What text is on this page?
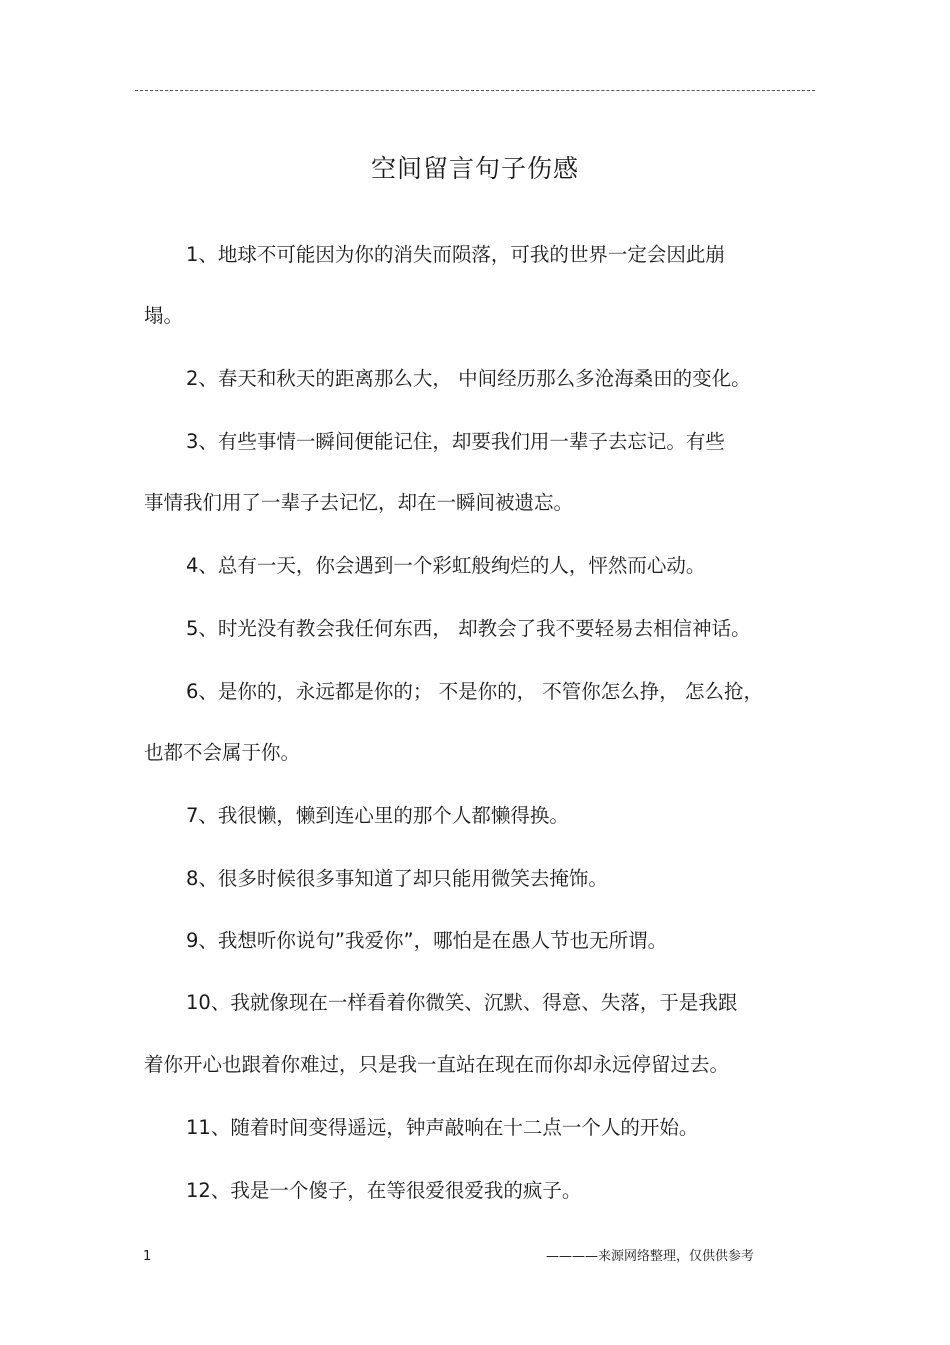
空间留言句子伤感
1、地球不可能因为你的消失而陨落，可我的世界一定会因此崩
塌。
2、春天和秋天的距离那么大， 中间经历那么多沧海桑田的变化。
3、有些事情一瞬间便能记住，却要我们用一辈子去忘记。有些
事情我们用了一辈子去记忆，却在一瞬间被遗忘。
4、总有一天，你会遇到一个彩虹般绚烂的人，怦然而心动。
5、时光没有教会我任何东西， 却教会了我不要轻易去相信神话。
6、是你的，永远都是你的； 不是你的， 不管你怎么挣， 怎么抢，
也都不会属于你。
7、我很懒，懒到连心里的那个人都懒得换。
8、很多时候很多事知道了却只能用微笑去掩饰。
9、我想听你说句”我爱你”，哪怕是在愚人节也无所谓。
10、我就像现在一样看着你微笑、沉默、得意、失落，于是我跟
着你开心也跟着你难过，只是我一直站在现在而你却永远停留过去。
11、随着时间变得遥远，钟声敲响在十二点一个人的开始。
12、我是一个傻子，在等很爱很爱我的疯子。
1	————来源网络整理，仅供供参考
